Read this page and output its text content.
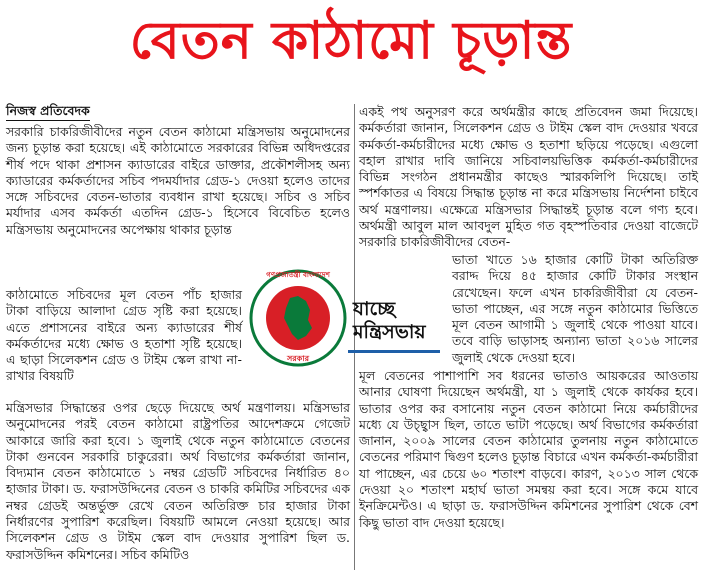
বেতন কাঠামো চূড়ান্ত
নিজস্ব প্রতিবেদক
সরকারি চাকরিজীবীদের নতুন বেতন কাঠামো মন্ত্রিসভায় অনুমোদনের জন্য চূড়ান্ত করা হয়েছে। এই কাঠামোতে সরকারের বিভিন্ন অধিদপ্তরের শীর্ষ পদে থাকা প্রশাসন ক্যাডারের বাইরে ডাক্তার, প্রকৌশলীসহ অন্য ক্যাডারের কর্মকর্তাদের সচিব পদমর্যাদার গ্রেড-১ দেওয়া হলেও তাদের সঙ্গে সচিবদের বেতন-ভাতার ব্যবধান রাখা হয়েছে। সচিব ও সচিব মর্যাদার এসব কর্মকর্তা এতদিন গ্রেড-১ হিসেবে বিবেচিত হলেও মন্ত্রিসভায় অনুমোদনের অপেক্ষায় থাকার চূড়ান্ত
কাঠামোতে সচিবদের মূল বেতন পাঁচ হাজার টাকা বাড়িয়ে আলাদা গ্রেড সৃষ্টি করা হয়েছে। এতে প্রশাসনের বাইরে অন্য ক্যাডারের শীর্ষ কর্মকর্তাদের মধ্যে ক্ষোভ ও হতাশা সৃষ্টি হয়েছে। এ ছাড়া সিলেকশন গ্রেড ও টাইম স্কেল রাখা না-রাখার বিষয়টি
মন্ত্রিসভার সিদ্ধান্তের ওপর ছেড়ে দিয়েছে অর্থ মন্ত্রণালয়। মন্ত্রিসভার অনুমোদনের পরই বেতন কাঠামো রাষ্ট্রপতির আদেশক্রমে গেজেট আকারে জারি করা হবে। ১ জুলাই থেকে নতুন কাঠামোতে বেতনের টাকা গুনবেন সরকারি চাকুরেরা। অর্থ বিভাগের কর্মকর্তারা জানান, বিদ্যমান বেতন কাঠামোতে ১ নম্বর গ্রেডটি সচিবদের নির্ধারিত ৪০ হাজার টাকা। ড. ফরাসউদ্দিনের বেতন ও চাকরি কমিটির সচিবদের এক নম্বর গ্রেডই অন্তর্ভুক্ত রেখে বেতন অতিরিক্ত চার হাজার টাকা নির্ধারণের সুপারিশ করেছিল। বিষয়টি আমলে নেওয়া হয়েছে। আর সিলেকশন গ্রেড ও টাইম স্কেল বাদ দেওয়ার সুপারিশ ছিল ড. ফরাসউদ্দিন কমিশনের। সচিব কমিটিও
একই পথ অনুসরণ করে অর্থমন্ত্রীর কাছে প্রতিবেদন জমা দিয়েছে। কর্মকর্তারা জানান, সিলেকশন গ্রেড ও টাইম স্কেল বাদ দেওয়ার খবরে কর্মকর্তা-কর্মচারীদের মধ্যে ক্ষোভ ও হতাশা ছড়িয়ে পড়েছে। এগুলো বহাল রাখার দাবি জানিয়ে সচিবালয়ভিত্তিক কর্মকর্তা-কর্মচারীদের বিভিন্ন সংগঠন প্রধানমন্ত্রীর কাছেও স্মারকলিপি দিয়েছে। তাই স্পর্শকাতর এ বিষয়ে সিদ্ধান্ত চূড়ান্ত না করে মন্ত্রিসভায় নির্দেশনা চাইবে অর্থ মন্ত্রণালয়। এক্ষেত্রে মন্ত্রিসভার সিদ্ধান্তই চূড়ান্ত বলে গণ্য হবে। অর্থমন্ত্রী আবুল মাল আবদুল মুহিত গত বৃহস্পতিবার দেওয়া বাজেটে সরকারি চাকরিজীবীদের বেতন-
ভাতা খাতে ১৬ হাজার কোটি টাকা অতিরিক্ত বরাদ্দ দিয়ে ৪৫ হাজার কোটি টাকার সংস্থান রেখেছেন। ফলে এখন চাকরিজীবীরা যে বেতন-ভাতা পাচ্ছেন, এর সঙ্গে নতুন কাঠামোর ভিত্তিতে মূল বেতন আগামী ১ জুলাই থেকে পাওয়া যাবে। তবে বাড়ি ভাড়াসহ অন্যান্য ভাতা ২০১৬ সালের জুলাই থেকে দেওয়া হবে।
মূল বেতনের পাশাপাশি সব ধরনের ভাতাও আয়করের আওতায় আনার ঘোষণা দিয়েছেন অর্থমন্ত্রী, যা ১ জুলাই থেকে কার্যকর হবে। ভাতার ওপর কর বসানোয় নতুন বেতন কাঠামো নিয়ে কর্মচারীদের মধ্যে যে উচ্ছ্বাস ছিল, তাতে ভাটা পড়েছে। অর্থ বিভাগের কর্মকর্তারা জানান, ২০০৯ সালের বেতন কাঠামোর তুলনায় নতুন কাঠামোতে বেতনের পরিমাণ দ্বিগুণ হলেও চূড়ান্ত বিচারে এখন কর্মকর্তা-কর্মচারীরা যা পাচ্ছেন, এর চেয়ে ৬০ শতাংশ বাড়বে। কারণ, ২০১৩ সাল থেকে দেওয়া ২০ শতাংশ মহার্ঘ ভাতা সমন্বয় করা হবে। সঙ্গে কমে যাবে ইনক্রিমেন্টও। এ ছাড়া ড. ফরাসউদ্দিন কমিশনের সুপারিশ থেকে বেশ কিছু ভাতা বাদ দেওয়া হয়েছে।
গণপ্রজাতন্ত্রী বাংলাদেশ
সরকার
যাচ্ছে মন্ত্রিসভায়
